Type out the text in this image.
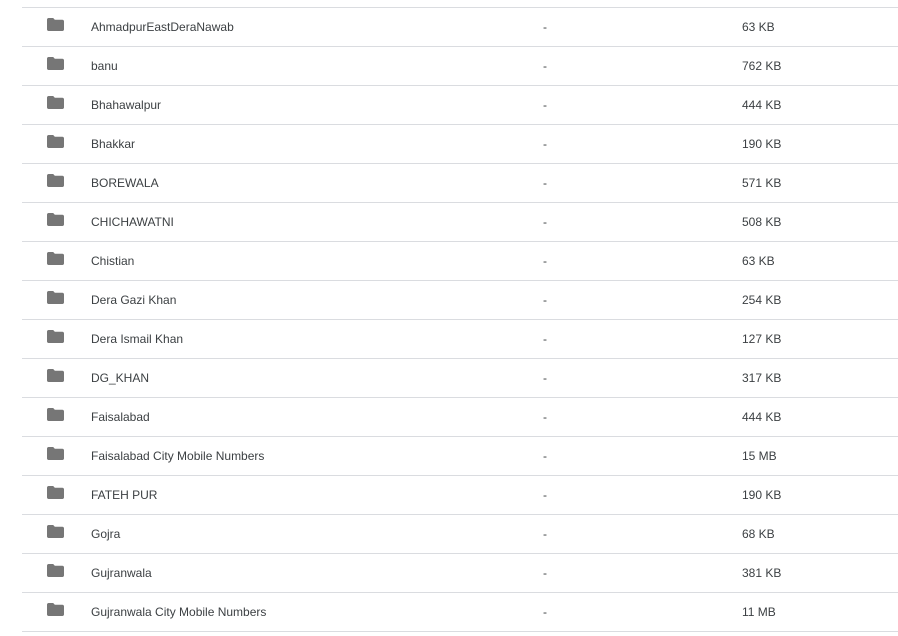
AhmadpurEastDeraNawab	-	63 KB
banu	-	762 KB
Bhahawalpur	-	444 KB
Bhakkar	-	190 KB
BOREWALA	-	571 KB
CHICHAWATNI	-	508 KB
Chistian	-	63 KB
Dera Gazi Khan	-	254 KB
Dera Ismail Khan	-	127 KB
DG_KHAN	-	317 KB
Faisalabad	-	444 KB
Faisalabad City Mobile Numbers	-	15 MB
FATEH PUR	-	190 KB
Gojra	-	68 KB
Gujranwala	-	381 KB
Gujranwala City Mobile Numbers	-	11 MB
